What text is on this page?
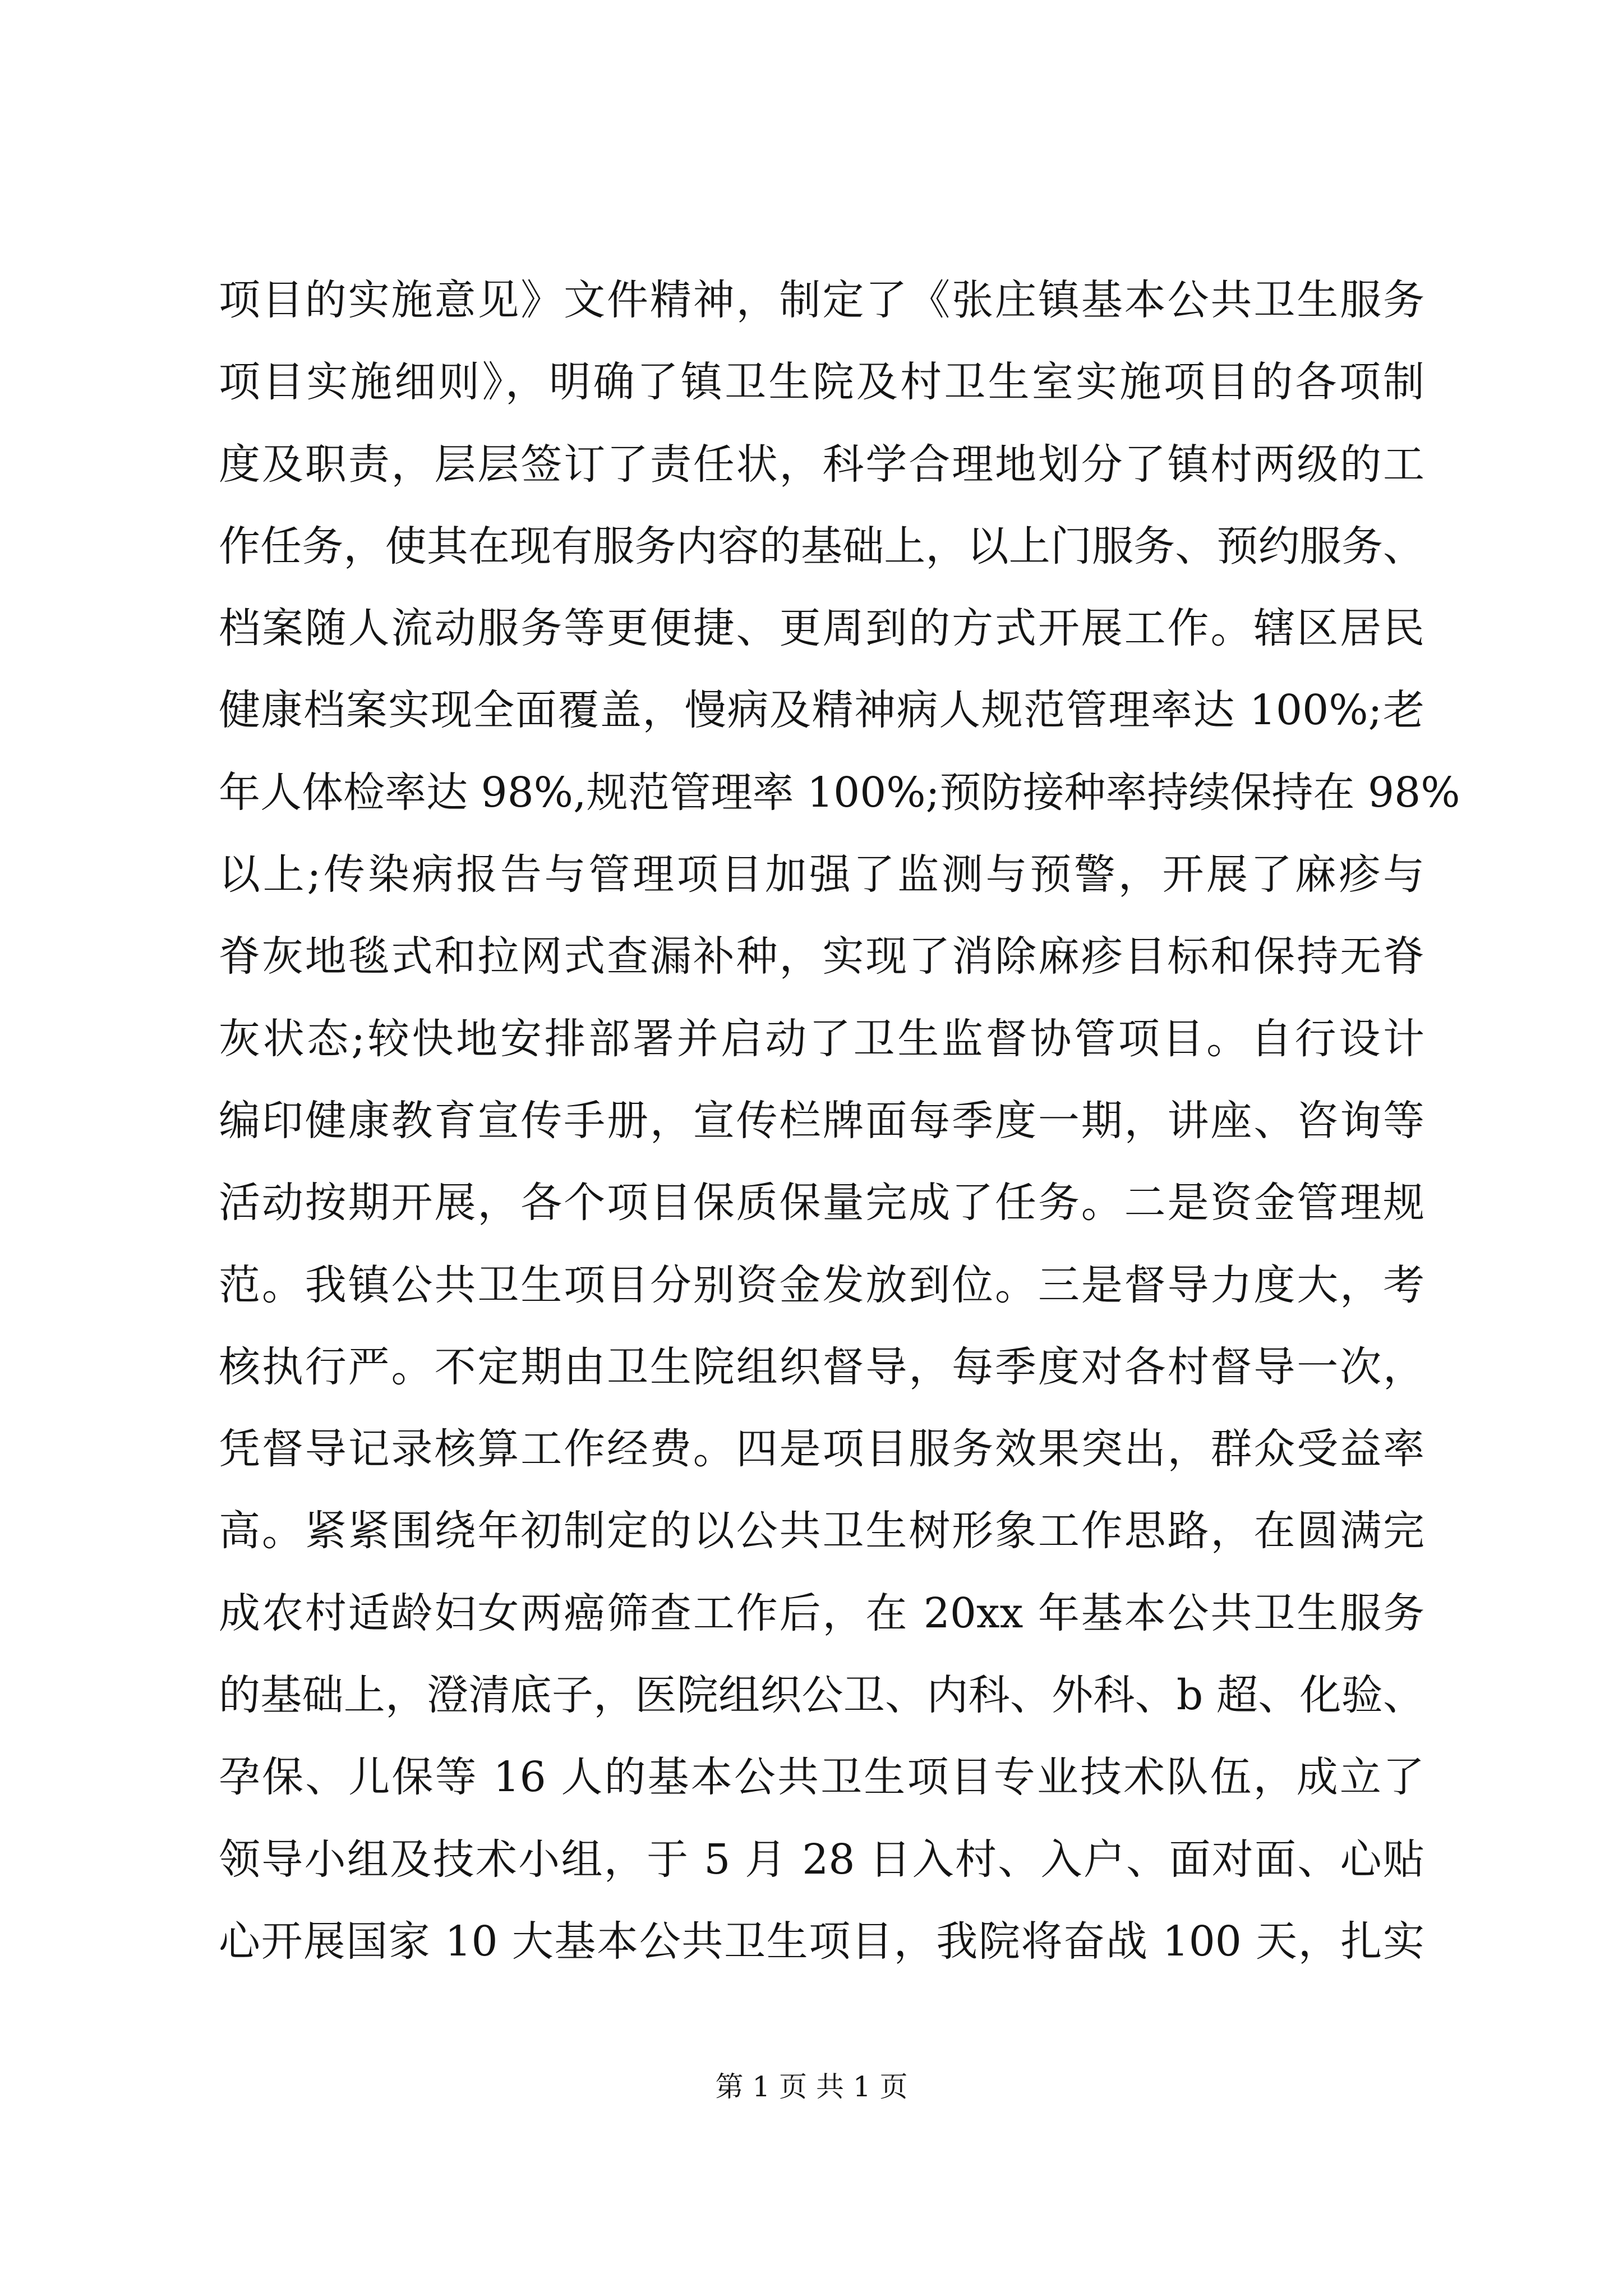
项目的实施意见》文件精神，制定了《张庄镇基本公共卫生服务
项目实施细则》，明确了镇卫生院及村卫生室实施项目的各项制
度及职责，层层签订了责任状，科学合理地划分了镇村两级的工
作任务，使其在现有服务内容的基础上，以上门服务、预约服务、
档案随人流动服务等更便捷、更周到的方式开展工作。辖区居民
健康档案实现全面覆盖，慢病及精神病人规范管理率达 100%;老
年人体检率达 98%,规范管理率 100%;预防接种率持续保持在 98%
以上;传染病报告与管理项目加强了监测与预警，开展了麻疹与
脊灰地毯式和拉网式查漏补种，实现了消除麻疹目标和保持无脊
灰状态;较快地安排部署并启动了卫生监督协管项目。自行设计
编印健康教育宣传手册，宣传栏牌面每季度一期，讲座、咨询等
活动按期开展，各个项目保质保量完成了任务。二是资金管理规
范。我镇公共卫生项目分别资金发放到位。三是督导力度大，考
核执行严。不定期由卫生院组织督导，每季度对各村督导一次，
凭督导记录核算工作经费。四是项目服务效果突出，群众受益率
高。紧紧围绕年初制定的以公共卫生树形象工作思路，在圆满完
成农村适龄妇女两癌筛查工作后，在 20xx 年基本公共卫生服务
的基础上，澄清底子，医院组织公卫、内科、外科、b 超、化验、
孕保、儿保等 16 人的基本公共卫生项目专业技术队伍，成立了
领导小组及技术小组，于 5 月 28 日入村、入户、面对面、心贴
心开展国家 10 大基本公共卫生项目，我院将奋战 100 天，扎实
第 1 页 共 1 页
